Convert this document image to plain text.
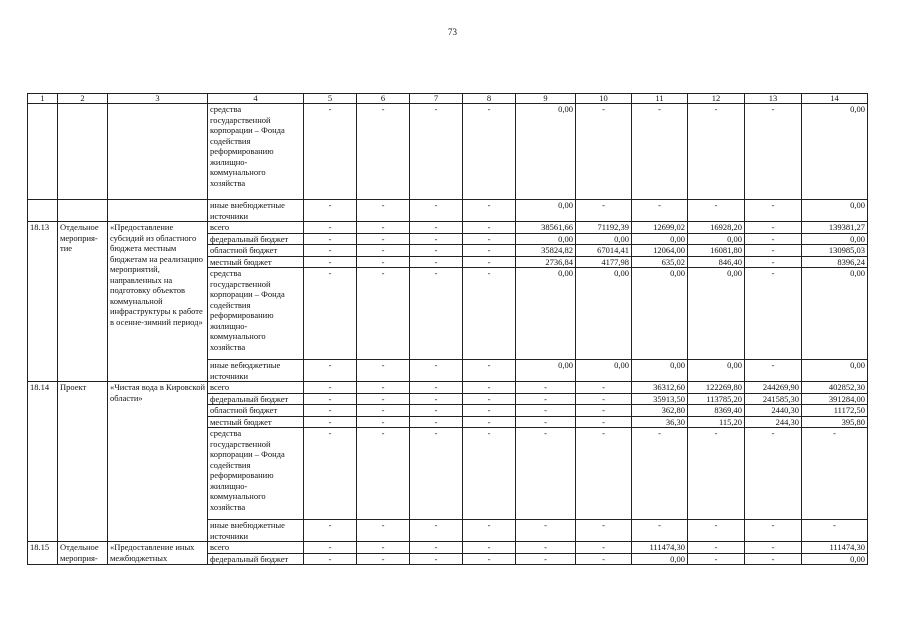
73
1	2	3	4	5	6	7	8	9	10	11	12	13	14
			средства государственной корпорации – Фонда содействия реформированию жилищно-коммунального хозяйства	-	-	-	-	0,00	-	-	-	-	0,00
			иные внебюджетные источники	-	-	-	-	0,00	-	-	-	-	0,00
18.13	Отдельное мероприя-тие	«Предоставление субсидий из областного бюджета местным бюджетам на реализацию мероприятий, направленных на подготовку объектов коммунальной инфраструктуры к работе в осенне-зимний период»	всего	-	-	-	-	38561,66	71192,39	12699,02	16928,20	-	139381,27
			федеральный бюджет	-	-	-	-	0,00	0,00	0,00	0,00	-	0,00
			областной бюджет	-	-	-	-	35824,82	67014,41	12064,00	16081,80	-	130985,03
			местный бюджет	-	-	-	-	2736,84	4177,98	635,02	846,40	-	8396,24
			средства государственной корпорации – Фонда содействия реформированию жилищно-коммунального хозяйства	-	-	-	-	0,00	0,00	0,00	0,00	-	0,00
			иные вебюджетные источники	-	-	-	-	0,00	0,00	0,00	0,00	-	0,00
18.14	Проект	«Чистая вода в Кировской области»	всего	-	-	-	-	-	-	36312,60	122269,80	244269,90	402852,30
			федеральный бюджет	-	-	-	-	-	-	35913,50	113785,20	241585,30	391284,00
			областной бюджет	-	-	-	-	-	-	362,80	8369,40	2440,30	11172,50
			местный бюджет	-	-	-	-	-	-	36,30	115,20	244,30	395,80
			средства государственной корпорации – Фонда содействия реформированию жилищно-коммунального хозяйства	-	-	-	-	-	-	-	-	-	-
			иные внебюджетные источники	-	-	-	-	-	-	-	-	-	-
18.15	Отдельное мероприя-	«Предоставление иных межбюджетных	всего	-	-	-	-	-	-	111474,30	-	-	111474,30
			федеральный бюджет	-	-	-	-	-	-	0,00	-	-	0,00
